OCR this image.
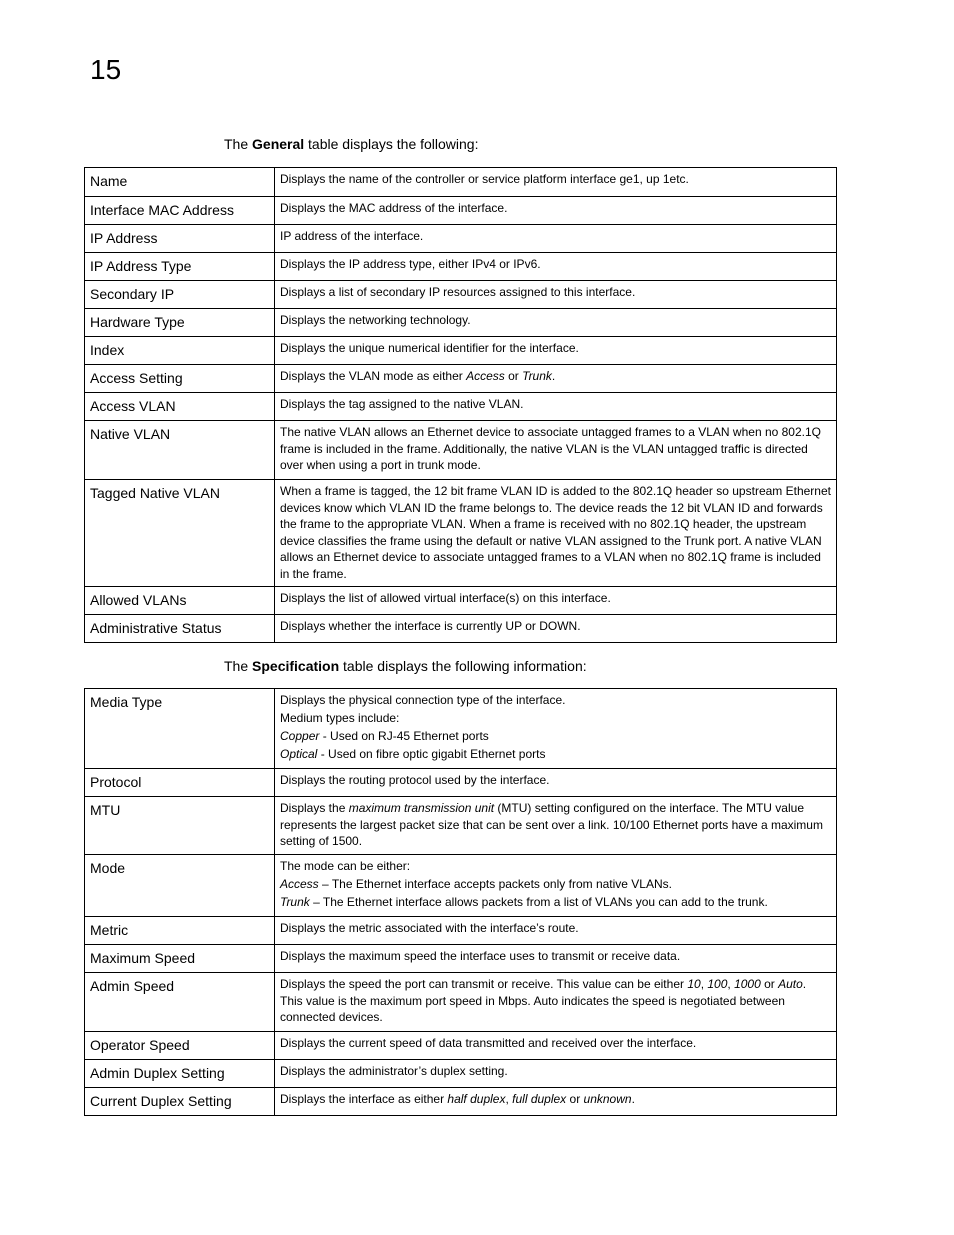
15
The General table displays the following:
Name	Displays the name of the controller or service platform interface ge1, up 1etc.
Interface MAC Address	Displays the MAC address of the interface.
IP Address	IP address of the interface.
IP Address Type	Displays the IP address type, either IPv4 or IPv6.
Secondary IP	Displays a list of secondary IP resources assigned to this interface.
Hardware Type	Displays the networking technology.
Index	Displays the unique numerical identifier for the interface.
Access Setting	Displays the VLAN mode as either Access or Trunk.
Access VLAN	Displays the tag assigned to the native VLAN.
Native VLAN	The native VLAN allows an Ethernet device to associate untagged frames to a VLAN when no 802.1Q frame is included in the frame. Additionally, the native VLAN is the VLAN untagged traffic is directed over when using a port in trunk mode.
Tagged Native VLAN	When a frame is tagged, the 12 bit frame VLAN ID is added to the 802.1Q header so upstream Ethernet devices know which VLAN ID the frame belongs to. The device reads the 12 bit VLAN ID and forwards the frame to the appropriate VLAN. When a frame is received with no 802.1Q header, the upstream device classifies the frame using the default or native VLAN assigned to the Trunk port. A native VLAN allows an Ethernet device to associate untagged frames to a VLAN when no 802.1Q frame is included in the frame.
Allowed VLANs	Displays the list of allowed virtual interface(s) on this interface.
Administrative Status	Displays whether the interface is currently UP or DOWN.
The Specification table displays the following information:
Media Type	Displays the physical connection type of the interface.

Medium types include:

Copper - Used on RJ-45 Ethernet ports

Optical - Used on fibre optic gigabit Ethernet ports

Protocol	Displays the routing protocol used by the interface.
MTU	Displays the maximum transmission unit (MTU) setting configured on the interface. The MTU value represents the largest packet size that can be sent over a link. 10/100 Ethernet ports have a maximum setting of 1500.
Mode	The mode can be either:

Access – The Ethernet interface accepts packets only from native VLANs.

Trunk – The Ethernet interface allows packets from a list of VLANs you can add to the trunk.

Metric	Displays the metric associated with the interface’s route.
Maximum Speed	Displays the maximum speed the interface uses to transmit or receive data.
Admin Speed	Displays the speed the port can transmit or receive. This value can be either 10, 100, 1000 or Auto. This value is the maximum port speed in Mbps. Auto indicates the speed is negotiated between connected devices.
Operator Speed	Displays the current speed of data transmitted and received over the interface.
Admin Duplex Setting	Displays the administrator’s duplex setting.
Current Duplex Setting	Displays the interface as either half duplex, full duplex or unknown.
